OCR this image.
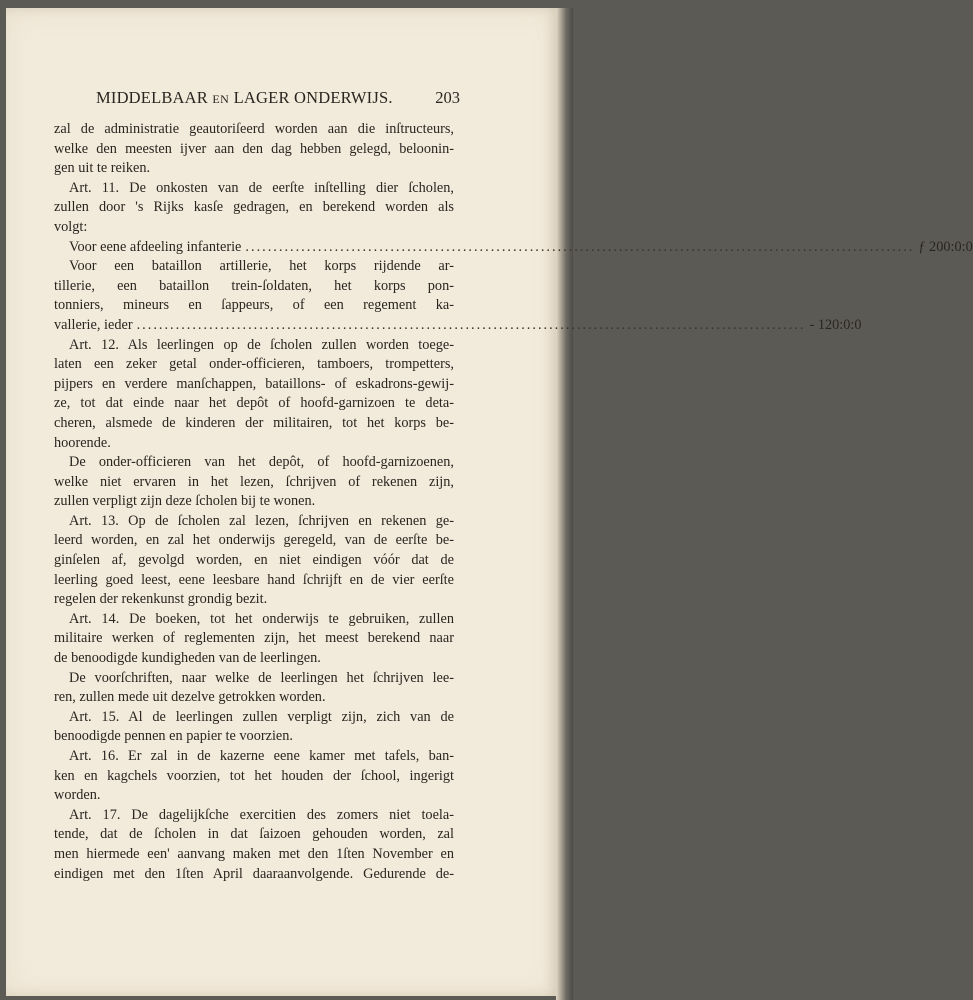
MIDDELBAAR EN LAGER ONDERWIJS.	203
zal de administratie geautoriſeerd worden aan die inſtructeurs,
welke den meesten ijver aan den dag hebben gelegd, beloonin-
gen uit te reiken.
Art. 11. De onkosten van de eerſte inſtelling dier ſcholen,
zullen door 's Rijks kasſe gedragen, en berekend worden als
volgt:
Voor eene afdeeling infanterie ........................................................................................................................ ƒ 200:0:0
Voor een bataillon artillerie, het korps rijdende ar-
tillerie, een bataillon trein-ſoldaten, het korps pon-
tonniers, mineurs en ſappeurs, of een regement ka-
vallerie, ieder ........................................................................................................................ - 120:0:0
Art. 12. Als leerlingen op de ſcholen zullen worden toege-
laten een zeker getal onder-officieren, tamboers, trompetters,
pijpers en verdere manſchappen, bataillons- of eskadrons-gewij-
ze, tot dat einde naar het depôt of hoofd-garnizoen te deta-
cheren, alsmede de kinderen der militairen, tot het korps be-
hoorende.
De onder-officieren van het depôt, of hoofd-garnizoenen,
welke niet ervaren in het lezen, ſchrijven of rekenen zijn,
zullen verpligt zijn deze ſcholen bij te wonen.
Art. 13. Op de ſcholen zal lezen, ſchrijven en rekenen ge-
leerd worden, en zal het onderwijs geregeld, van de eerſte be-
ginſelen af, gevolgd worden, en niet eindigen vóór dat de
leerling goed leest, eene leesbare hand ſchrijft en de vier eerſte
regelen der rekenkunst grondig bezit.
Art. 14. De boeken, tot het onderwijs te gebruiken, zullen
militaire werken of reglementen zijn, het meest berekend naar
de benoodigde kundigheden van de leerlingen.
De voorſchriften, naar welke de leerlingen het ſchrijven lee-
ren, zullen mede uit dezelve getrokken worden.
Art. 15. Al de leerlingen zullen verpligt zijn, zich van de
benoodigde pennen en papier te voorzien.
Art. 16. Er zal in de kazerne eene kamer met tafels, ban-
ken en kagchels voorzien, tot het houden der ſchool, ingerigt
worden.
Art. 17. De dagelijkſche exercitien des zomers niet toela-
tende, dat de ſcholen in dat ſaizoen gehouden worden, zal
men hiermede een' aanvang maken met den 1ſten November en
eindigen met den 1ſten April daaraanvolgende. Gedurende de-
